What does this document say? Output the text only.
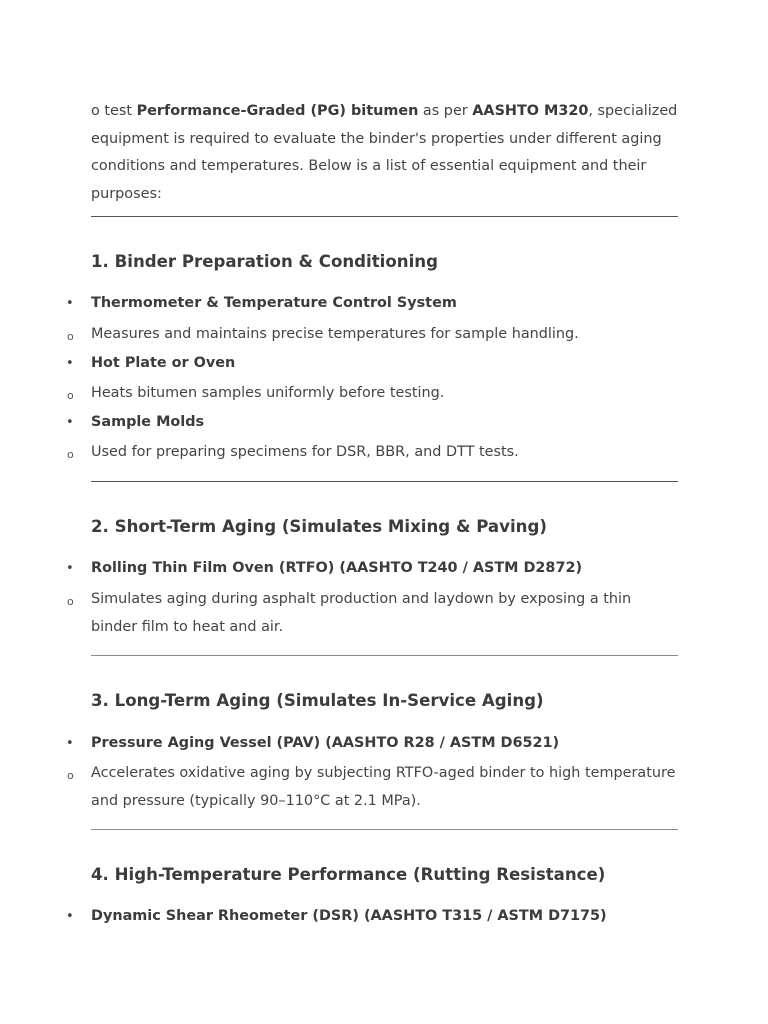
o test Performance-Graded (PG) bitumen as per AASHTO M320, specialized equipment is required to evaluate the binder's properties under different aging conditions and temperatures. Below is a list of essential equipment and their purposes:

1. Binder Preparation & Conditioning
• Thermometer & Temperature Control System
o Measures and maintains precise temperatures for sample handling.
• Hot Plate or Oven
o Heats bitumen samples uniformly before testing.
• Sample Molds
o Used for preparing specimens for DSR, BBR, and DTT tests.
2. Short-Term Aging (Simulates Mixing & Paving)
• Rolling Thin Film Oven (RTFO) (AASHTO T240 / ASTM D2872)
o Simulates aging during asphalt production and laydown by exposing a thin binder film to heat and air.
3. Long-Term Aging (Simulates In-Service Aging)
• Pressure Aging Vessel (PAV) (AASHTO R28 / ASTM D6521)
o Accelerates oxidative aging by subjecting RTFO-aged binder to high temperature and pressure (typically 90–110°C at 2.1 MPa).
4. High-Temperature Performance (Rutting Resistance)
• Dynamic Shear Rheometer (DSR) (AASHTO T315 / ASTM D7175)
